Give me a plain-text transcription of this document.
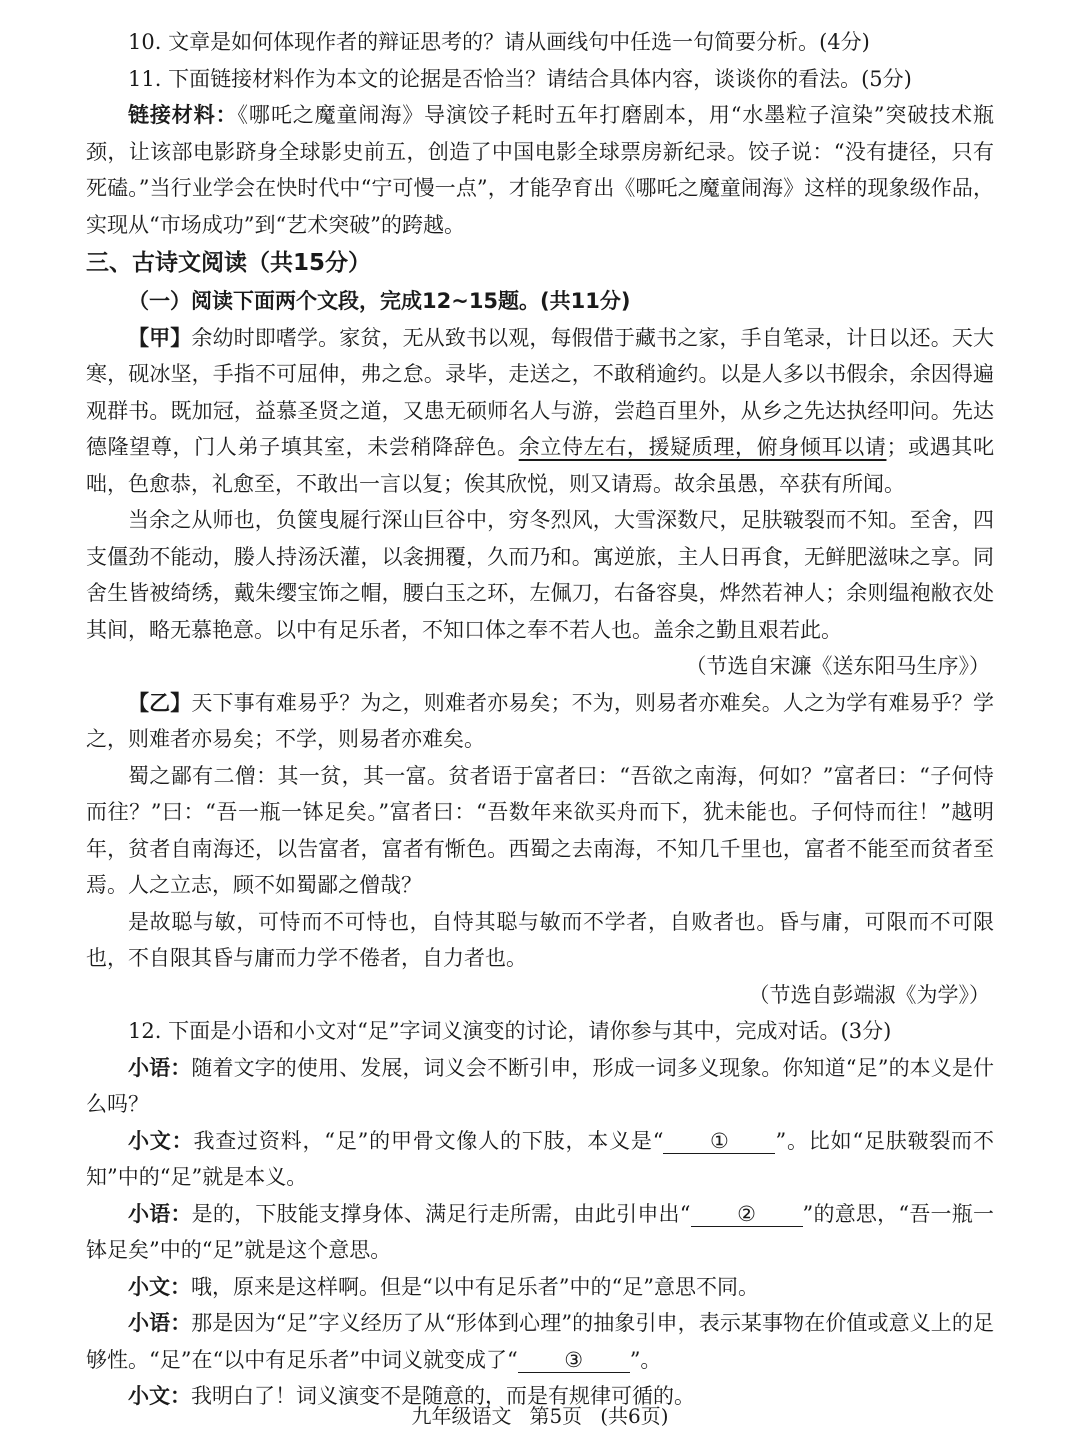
10. 文章是如何体现作者的辩证思考的？请从画线句中任选一句简要分析。(4分)

11. 下面链接材料作为本文的论据是否恰当？请结合具体内容，谈谈你的看法。(5分)

链接材料：《哪吒之魔童闹海》导演饺子耗时五年打磨剧本，用“水墨粒子渲染”突破技术瓶颈，让该部电影跻身全球影史前五，创造了中国电影全球票房新纪录。饺子说：“没有捷径，只有死磕。”当行业学会在快时代中“宁可慢一点”，才能孕育出《哪吒之魔童闹海》这样的现象级作品，实现从“市场成功”到“艺术突破”的跨越。

三、古诗文阅读（共15分）

（一）阅读下面两个文段，完成12~15题。(共11分)

【甲】余幼时即嗜学。家贫，无从致书以观，每假借于藏书之家，手自笔录，计日以还。天大寒，砚冰坚，手指不可屈伸，弗之怠。录毕，走送之，不敢稍逾约。以是人多以书假余，余因得遍观群书。既加冠，益慕圣贤之道，又患无硕师名人与游，尝趋百里外，从乡之先达执经叩问。先达德隆望尊，门人弟子填其室，未尝稍降辞色。余立侍左右，援疑质理，俯身倾耳以请；或遇其叱咄，色愈恭，礼愈至，不敢出一言以复；俟其欣悦，则又请焉。故余虽愚，卒获有所闻。

当余之从师也，负箧曳屣行深山巨谷中，穷冬烈风，大雪深数尺，足肤皲裂而不知。至舍，四支僵劲不能动，媵人持汤沃灌，以衾拥覆，久而乃和。寓逆旅，主人日再食，无鲜肥滋味之享。同舍生皆被绮绣，戴朱缨宝饰之帽，腰白玉之环，左佩刀，右备容臭，烨然若神人；余则缊袍敝衣处其间，略无慕艳意。以中有足乐者，不知口体之奉不若人也。盖余之勤且艰若此。

（节选自宋濂《送东阳马生序》）

【乙】天下事有难易乎？为之，则难者亦易矣；不为，则易者亦难矣。人之为学有难易乎？学之，则难者亦易矣；不学，则易者亦难矣。

蜀之鄙有二僧：其一贫，其一富。贫者语于富者曰：“吾欲之南海，何如？”富者曰：“子何恃而往？”曰：“吾一瓶一钵足矣。”富者曰：“吾数年来欲买舟而下，犹未能也。子何恃而往！”越明年，贫者自南海还，以告富者，富者有惭色。西蜀之去南海，不知几千里也，富者不能至而贫者至焉。人之立志，顾不如蜀鄙之僧哉？

是故聪与敏，可恃而不可恃也，自恃其聪与敏而不学者，自败者也。昏与庸，可限而不可限也，不自限其昏与庸而力学不倦者，自力者也。

（节选自彭端淑《为学》）

12. 下面是小语和小文对“足”字词义演变的讨论，请你参与其中，完成对话。(3分)

小语：随着文字的使用、发展，词义会不断引申，形成一词多义现象。你知道“足”的本义是什么吗？

小文：我查过资料，“足”的甲骨文像人的下肢，本义是“ ① ”。比如“足肤皲裂而不知”中的“足”就是本义。

小语：是的，下肢能支撑身体、满足行走所需，由此引申出“ ② ”的意思，“吾一瓶一钵足矣”中的“足”就是这个意思。

小文：哦，原来是这样啊。但是“以中有足乐者”中的“足”意思不同。

小语：那是因为“足”字义经历了从“形体到心理”的抽象引申，表示某事物在价值或意义上的足够性。“足”在“以中有足乐者”中词义就变成了“ ③ ”。

小文：我明白了！词义演变不是随意的，而是有规律可循的。

九年级语文 第5页 (共6页)
